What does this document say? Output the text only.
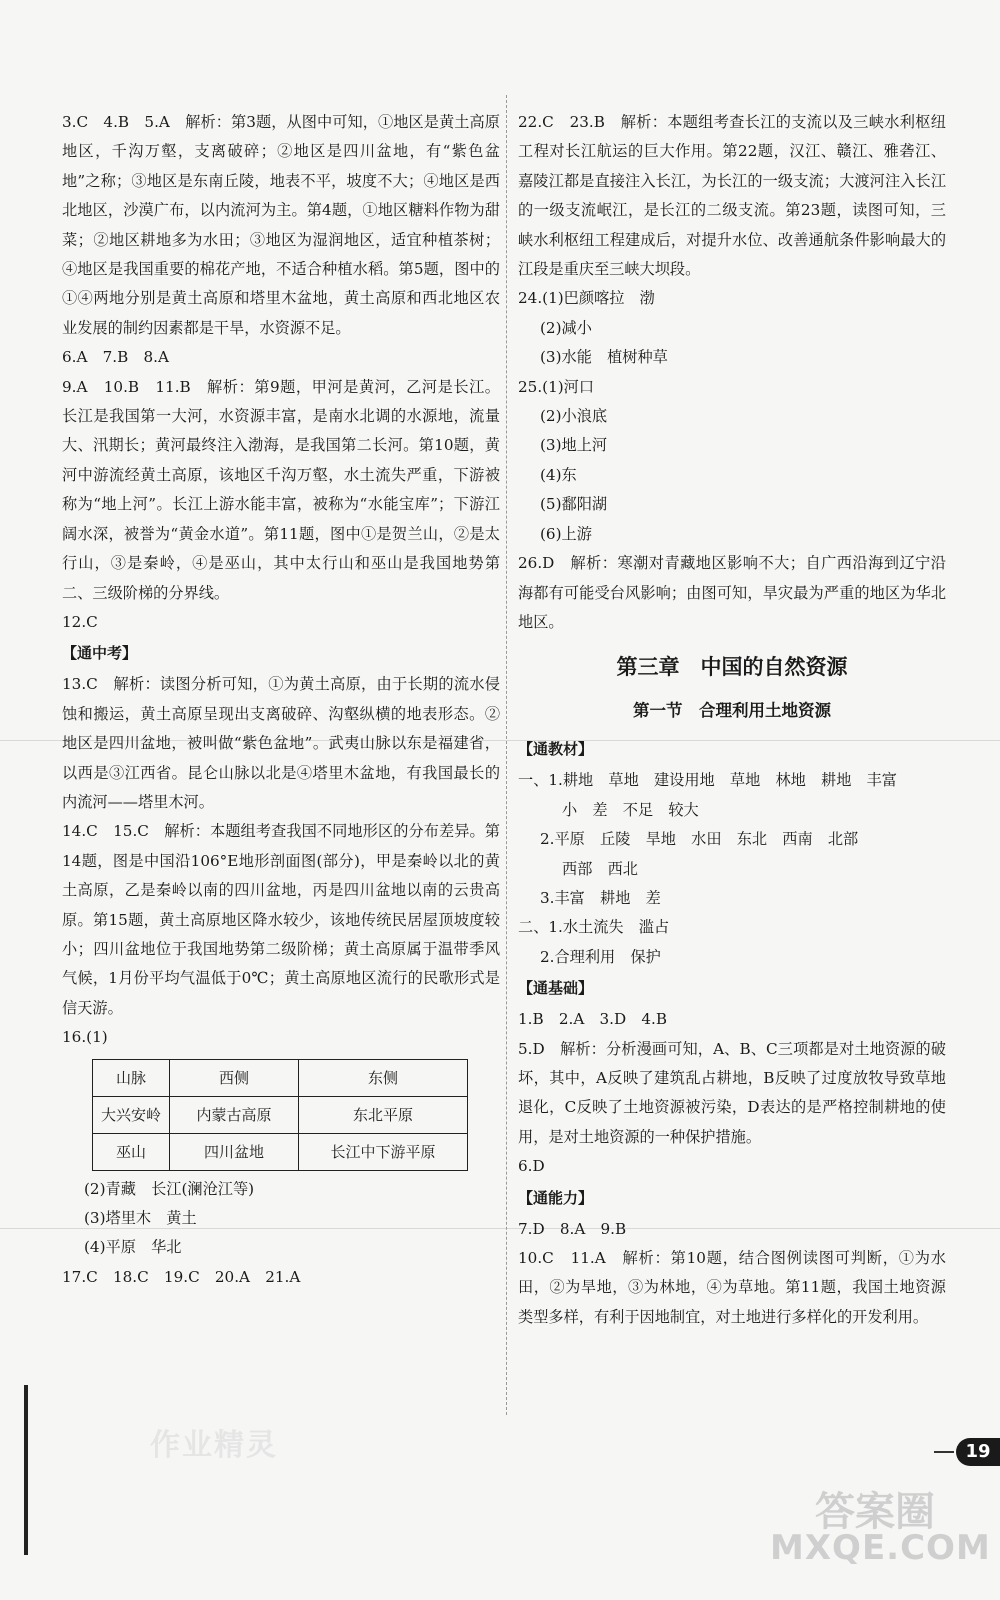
3.C　4.B　5.A　解析：第3题，从图中可知，①地区是黄土高原地区，千沟万壑，支离破碎；②地区是四川盆地，有“紫色盆地”之称；③地区是东南丘陵，地表不平，坡度不大；④地区是西北地区，沙漠广布，以内流河为主。第4题，①地区糖料作物为甜菜；②地区耕地多为水田；③地区为湿润地区，适宜种植茶树；④地区是我国重要的棉花产地，不适合种植水稻。第5题，图中的①④两地分别是黄土高原和塔里木盆地，黄土高原和西北地区农业发展的制约因素都是干旱，水资源不足。

6.A　7.B　8.A

9.A　10.B　11.B　解析：第9题，甲河是黄河，乙河是长江。长江是我国第一大河，水资源丰富，是南水北调的水源地，流量大、汛期长；黄河最终注入渤海，是我国第二长河。第10题，黄河中游流经黄土高原，该地区千沟万壑，水土流失严重，下游被称为“地上河”。长江上游水能丰富，被称为“水能宝库”；下游江阔水深，被誉为“黄金水道”。第11题，图中①是贺兰山，②是太行山，③是秦岭，④是巫山，其中太行山和巫山是我国地势第二、三级阶梯的分界线。

12.C

【通中考】

13.C　解析：读图分析可知，①为黄土高原，由于长期的流水侵蚀和搬运，黄土高原呈现出支离破碎、沟壑纵横的地表形态。②地区是四川盆地，被叫做“紫色盆地”。武夷山脉以东是福建省，以西是③江西省。昆仑山脉以北是④塔里木盆地，有我国最长的内流河——塔里木河。

14.C　15.C　解析：本题组考查我国不同地形区的分布差异。第14题，图是中国沿106°E地形剖面图(部分)，甲是秦岭以北的黄土高原，乙是秦岭以南的四川盆地，丙是四川盆地以南的云贵高原。第15题，黄土高原地区降水较少，该地传统民居屋顶坡度较小；四川盆地位于我国地势第二级阶梯；黄土高原属于温带季风气候，1月份平均气温低于0℃；黄土高原地区流行的民歌形式是信天游。

16.(1)

山脉	西侧	东侧
大兴安岭	内蒙古高原	东北平原
巫山	四川盆地	长江中下游平原

(2)青藏　长江(澜沧江等)

(3)塔里木　黄土

(4)平原　华北

17.C　18.C　19.C　20.A　21.A

22.C　23.B　解析：本题组考查长江的支流以及三峡水利枢纽工程对长江航运的巨大作用。第22题，汉江、赣江、雅砻江、嘉陵江都是直接注入长江，为长江的一级支流；大渡河注入长江的一级支流岷江，是长江的二级支流。第23题，读图可知，三峡水利枢纽工程建成后，对提升水位、改善通航条件影响最大的江段是重庆至三峡大坝段。

24.(1)巴颜喀拉　渤

(2)减小

(3)水能　植树种草

25.(1)河口

(2)小浪底

(3)地上河

(4)东

(5)鄱阳湖

(6)上游

26.D　解析：寒潮对青藏地区影响不大；自广西沿海到辽宁沿海都有可能受台风影响；由图可知，旱灾最为严重的地区为华北地区。

第三章　中国的自然资源
第一节　合理利用土地资源
【通教材】

一、1.耕地　草地　建设用地　草地　林地　耕地　丰富

小　差　不足　较大

2.平原　丘陵　旱地　水田　东北　西南　北部

西部　西北

3.丰富　耕地　差

二、1.水土流失　滥占

2.合理利用　保护

【通基础】

1.B　2.A　3.D　4.B

5.D　解析：分析漫画可知，A、B、C三项都是对土地资源的破坏，其中，A反映了建筑乱占耕地，B反映了过度放牧导致草地退化，C反映了土地资源被污染，D表达的是严格控制耕地的使用，是对土地资源的一种保护措施。

6.D

【通能力】

7.D　8.A　9.B

10.C　11.A　解析：第10题，结合图例读图可判断，①为水田，②为旱地，③为林地，④为草地。第11题，我国土地资源类型多样，有利于因地制宜，对土地进行多样化的开发利用。

19
作业精灵
答案圈
MXQE.COM
